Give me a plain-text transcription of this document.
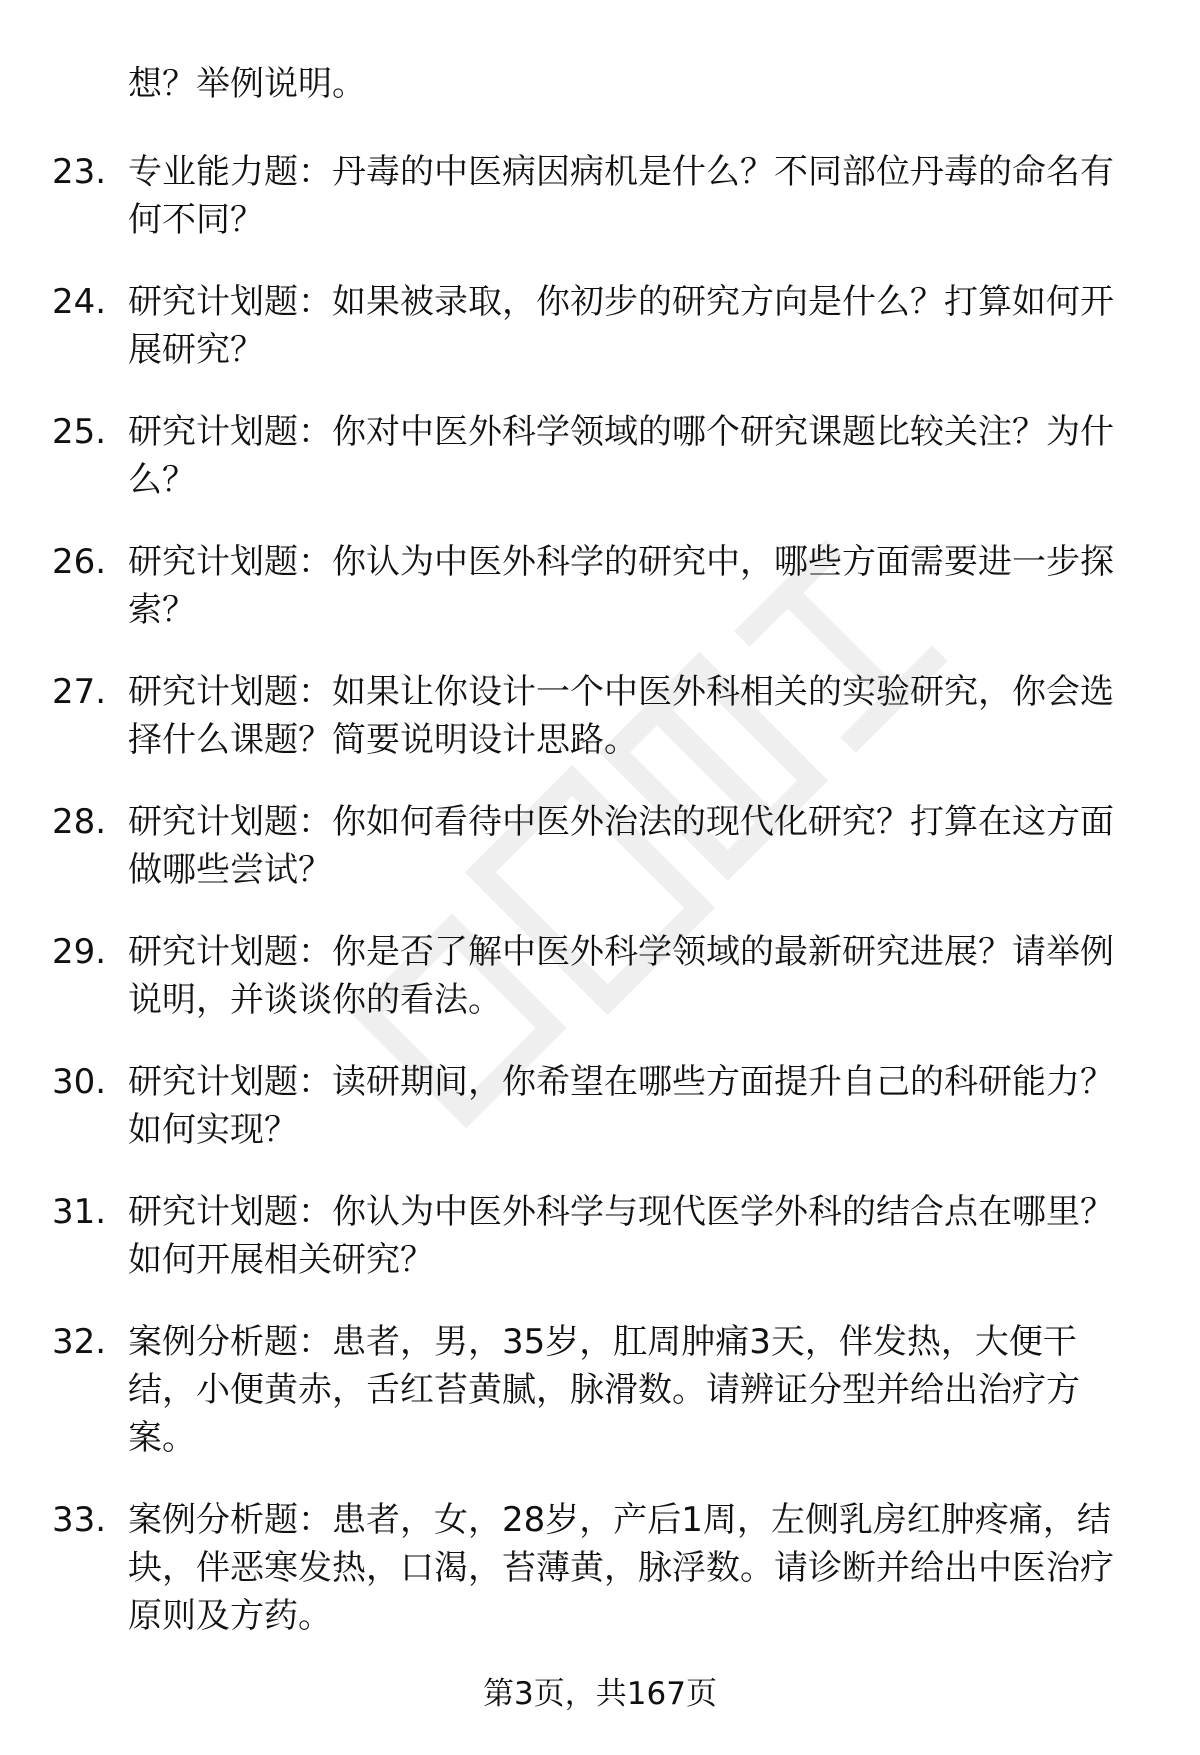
想？举例说明。
23. 专业能力题：丹毒的中医病因病机是什么？不同部位丹毒的命名有何不同？
24. 研究计划题：如果被录取，你初步的研究方向是什么？打算如何开展研究？
25. 研究计划题：你对中医外科学领域的哪个研究课题比较关注？为什么？
26. 研究计划题：你认为中医外科学的研究中，哪些方面需要进一步探索？
27. 研究计划题：如果让你设计一个中医外科相关的实验研究，你会选择什么课题？简要说明设计思路。
28. 研究计划题：你如何看待中医外治法的现代化研究？打算在这方面做哪些尝试？
29. 研究计划题：你是否了解中医外科学领域的最新研究进展？请举例说明，并谈谈你的看法。
30. 研究计划题：读研期间，你希望在哪些方面提升自己的科研能力？如何实现？
31. 研究计划题：你认为中医外科学与现代医学外科的结合点在哪里？如何开展相关研究？
32. 案例分析题：患者，男，35岁，肛周肿痛3天，伴发热，大便干结，小便黄赤，舌红苔黄腻，脉滑数。请辨证分型并给出治疗方案。
33. 案例分析题：患者，女，28岁，产后1周，左侧乳房红肿疼痛，结块，伴恶寒发热，口渴，苔薄黄，脉浮数。请诊断并给出中医治疗原则及方药。
第3页，共167页
